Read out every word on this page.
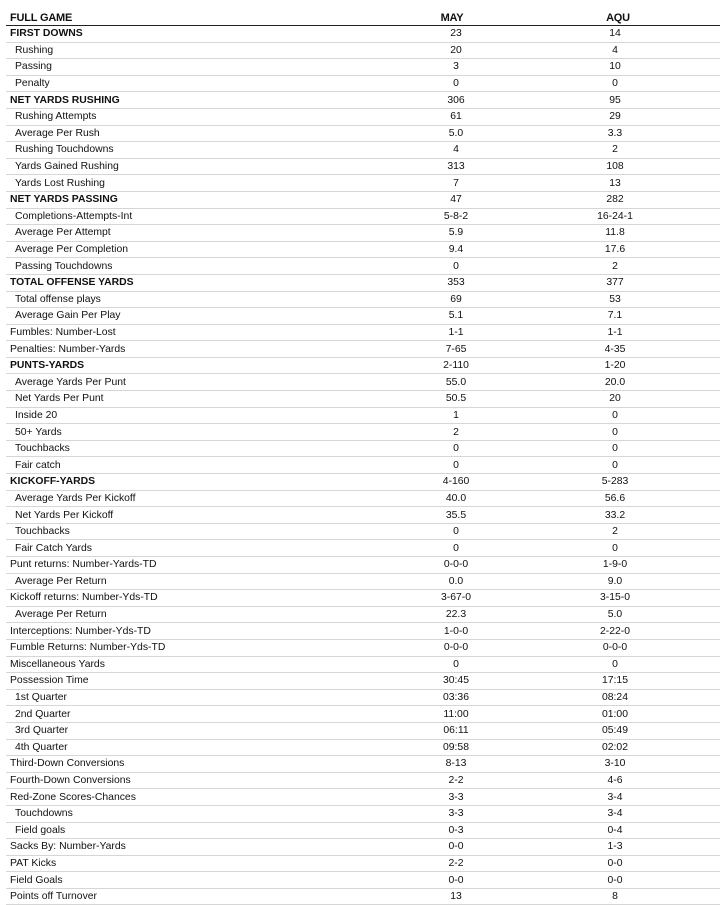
FULL GAME	MAY	AQU
FIRST DOWNS	23	14
Rushing	20	4
Passing	3	10
Penalty	0	0
NET YARDS RUSHING	306	95
Rushing Attempts	61	29
Average Per Rush	5.0	3.3
Rushing Touchdowns	4	2
Yards Gained Rushing	313	108
Yards Lost Rushing	7	13
NET YARDS PASSING	47	282
Completions-Attempts-Int	5-8-2	16-24-1
Average Per Attempt	5.9	11.8
Average Per Completion	9.4	17.6
Passing Touchdowns	0	2
TOTAL OFFENSE YARDS	353	377
Total offense plays	69	53
Average Gain Per Play	5.1	7.1
Fumbles: Number-Lost	1-1	1-1
Penalties: Number-Yards	7-65	4-35
PUNTS-YARDS	2-110	1-20
Average Yards Per Punt	55.0	20.0
Net Yards Per Punt	50.5	20
Inside 20	1	0
50+ Yards	2	0
Touchbacks	0	0
Fair catch	0	0
KICKOFF-YARDS	4-160	5-283
Average Yards Per Kickoff	40.0	56.6
Net Yards Per Kickoff	35.5	33.2
Touchbacks	0	2
Fair Catch Yards	0	0
Punt returns: Number-Yards-TD	0-0-0	1-9-0
Average Per Return	0.0	9.0
Kickoff returns: Number-Yds-TD	3-67-0	3-15-0
Average Per Return	22.3	5.0
Interceptions: Number-Yds-TD	1-0-0	2-22-0
Fumble Returns: Number-Yds-TD	0-0-0	0-0-0
Miscellaneous Yards	0	0
Possession Time	30:45	17:15
1st Quarter	03:36	08:24
2nd Quarter	11:00	01:00
3rd Quarter	06:11	05:49
4th Quarter	09:58	02:02
Third-Down Conversions	8-13	3-10
Fourth-Down Conversions	2-2	4-6
Red-Zone Scores-Chances	3-3	3-4
Touchdowns	3-3	3-4
Field goals	0-3	0-4
Sacks By: Number-Yards	0-0	1-3
PAT Kicks	2-2	0-0
Field Goals	0-0	0-0
Points off Turnover	13	8
